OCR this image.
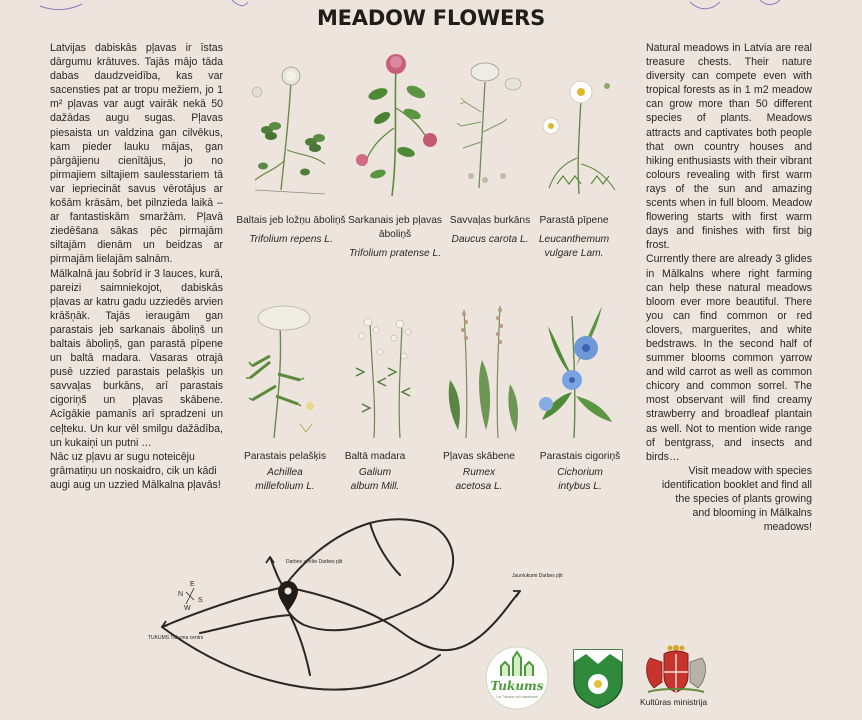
MEADOW FLOWERS

Latvijas dabiskās pļavas ir īstas dārgumu krātuves. Tajās mājo tāda dabas daudzveidība, kas var sacensties pat ar tropu mežiem, jo 1 m² pļavas var augt vairāk nekā 50 dažādas augu sugas. Pļavas piesaista un valdzina gan cilvēkus, kam pieder lauku mājas, gan pārgājienu cienītājus, jo no pirmajiem siltajiem saulesstariem tā var iepriecināt savus vērotājus ar košām krāsām, bet pilnzieda laikā – ar fantastiskām smaržām. Pļavā ziedēšana sākas pēc pirmajām siltajām dienām un beidzas ar pirmajām lielajām salnām.

Mālkalnā jau šobrīd ir 3 lauces, kurā, pareizi saimniekojot, dabiskās pļavas ar katru gadu uzziedēs arvien krāšņāk. Tajās ieraugām gan parastais jeb sarkanais āboliņš un baltais āboliņš, gan parastā pīpene un baltā madara. Vasaras otrajā pusē uzzied parastais pelašķis un savvaļas burkāns, arī parastais cigoriņš un pļavas skābene. Acīgākie pamanīs arī spradzeni un ceļteku. Un kur vēl smilgu dažādība, un kukaiņi un putni …

Nāc uz pļavu ar sugu noteicēju grāmatiņu un noskaidro, cik un kādi augi aug un uzzied Mālkalna pļavās!

Natural meadows in Latvia are real treasure chests. Their nature diversity can compete even with tropical forests as in 1 m2 meadow can grow more than 50 different species of plants. Meadows attracts and captivates both people that own country houses and hiking enthusiasts with their vibrant colours revealing with first warm rays of the sun and amazing scents when in full bloom. Meadow flowering starts with first warm days and finishes with first big frost.

Currently there are already 3 glides in Mālkalns where right farming can help these natural meadows bloom ever more beautiful. There you can find common or red clovers, marguerites, and white bedstraws. In the second half of summer blooms common yarrow and wild carrot as well as common chicory and common sorrel. The most observant will find creamy strawberry and broadleaf plantain as well. Not to mention wide range of bentgrass, and insects and birds…

Visit meadow with species identification booklet and find all the species of plants growing and blooming in Mālkalns meadows!

Baltais jeb ložņu āboliņš
Trifolium repens L.
Sarkanais jeb pļavas āboliņš
Trifolium pratense L.
Savvaļas burkāns
Daucus carota L.
Parastā pīpene
Leucanthemum vulgare Lam.
Parastais pelašķis
Achillea millefolium L.
Baltā madara
Galium album Mill.
Pļavas skābene
Rumex acetosa L.
Parastais cigoriņš
Cichorium intybus L.
N
E
S
W
Darbes sēnīte Darbes pļit
Jaunlukumi Darbes pļit
TUKUMS Tukuma centrs
Tukums
Lai Tukums ņeit nacekoeni	Kultūras ministrija
